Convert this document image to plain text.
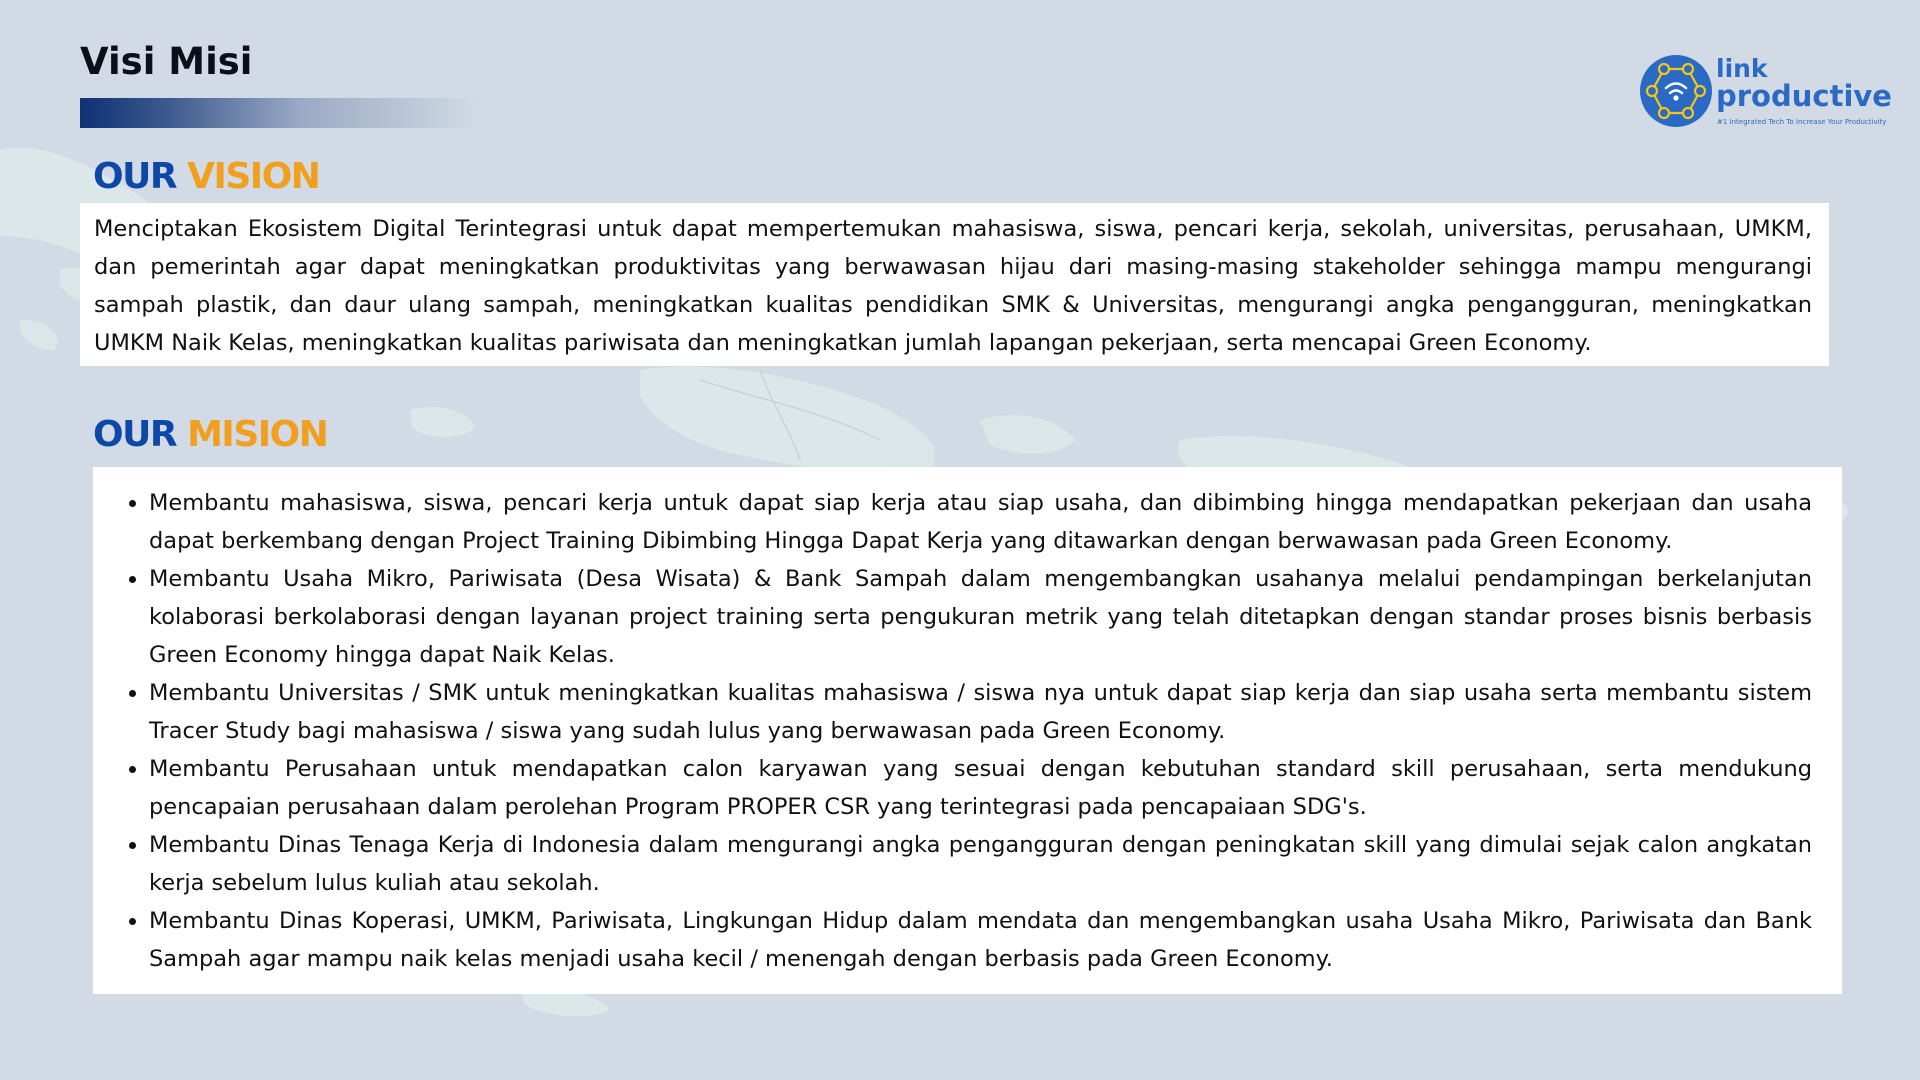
Visi Misi	link
productive
#1 Integrated Tech To Increase Your Productivity
OUR VISION

Menciptakan Ekosistem Digital Terintegrasi untuk dapat mempertemukan mahasiswa, siswa, pencari kerja, sekolah, universitas, perusahaan, UMKM, dan pemerintah agar dapat meningkatkan produktivitas yang berwawasan hijau dari masing-masing stakeholder sehingga mampu mengurangi sampah plastik, dan daur ulang sampah, meningkatkan kualitas pendidikan SMK & Universitas, mengurangi angka pengangguran, meningkatkan UMKM Naik Kelas, meningkatkan kualitas pariwisata dan meningkatkan jumlah lapangan pekerjaan, serta mencapai Green Economy.

OUR MISION
• Membantu mahasiswa, siswa, pencari kerja untuk dapat siap kerja atau siap usaha, dan dibimbing hingga mendapatkan pekerjaan dan usaha dapat berkembang dengan Project Training Dibimbing Hingga Dapat Kerja yang ditawarkan dengan berwawasan pada Green Economy.
• Membantu Usaha Mikro, Pariwisata (Desa Wisata) & Bank Sampah dalam mengembangkan usahanya melalui pendampingan berkelanjutan kolaborasi berkolaborasi dengan layanan project training serta pengukuran metrik yang telah ditetapkan dengan standar proses bisnis berbasis Green Economy hingga dapat Naik Kelas.
• Membantu Universitas / SMK untuk meningkatkan kualitas mahasiswa / siswa nya untuk dapat siap kerja dan siap usaha serta membantu sistem Tracer Study bagi mahasiswa / siswa yang sudah lulus yang berwawasan pada Green Economy.
• Membantu Perusahaan untuk mendapatkan calon karyawan yang sesuai dengan kebutuhan standard skill perusahaan, serta mendukung pencapaian perusahaan dalam perolehan Program PROPER CSR yang terintegrasi pada pencapaiaan SDG's.
• Membantu Dinas Tenaga Kerja di Indonesia dalam mengurangi angka pengangguran dengan peningkatan skill yang dimulai sejak calon angkatan kerja sebelum lulus kuliah atau sekolah.
• Membantu Dinas Koperasi, UMKM, Pariwisata, Lingkungan Hidup dalam mendata dan mengembangkan usaha Usaha Mikro, Pariwisata dan Bank Sampah agar mampu naik kelas menjadi usaha kecil / menengah dengan berbasis pada Green Economy.
